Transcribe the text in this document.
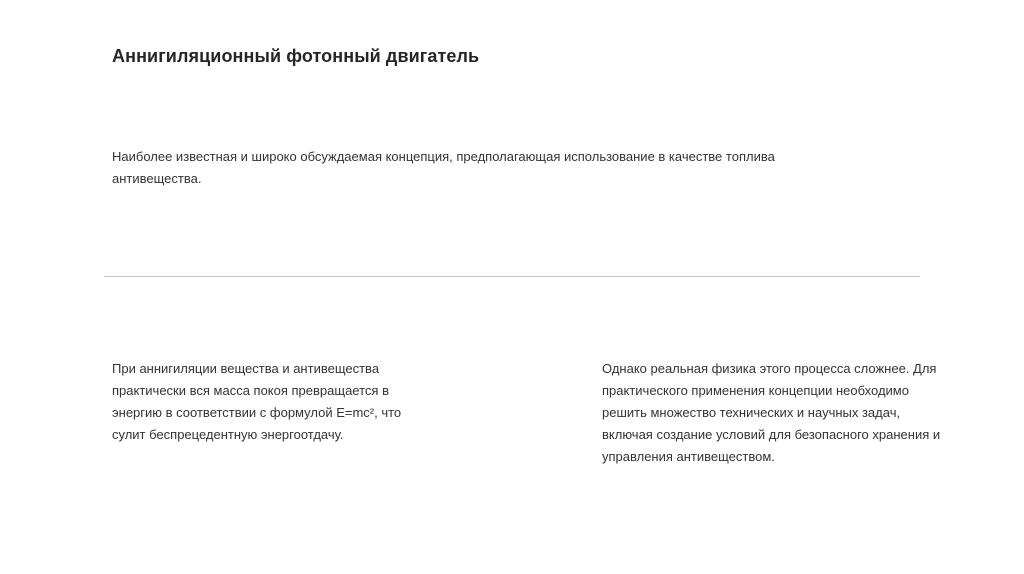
Аннигиляционный фотонный двигатель
Наиболее известная и широко обсуждаемая концепция, предполагающая использование в качестве топлива антивещества.
При аннигиляции вещества и антивещества практически вся масса покоя превращается в энергию в соответствии с формулой E=mc², что сулит беспрецедентную энергоотдачу.
Однако реальная физика этого процесса сложнее. Для практического применения концепции необходимо решить множество технических и научных задач, включая создание условий для безопасного хранения и управления антивеществом.
